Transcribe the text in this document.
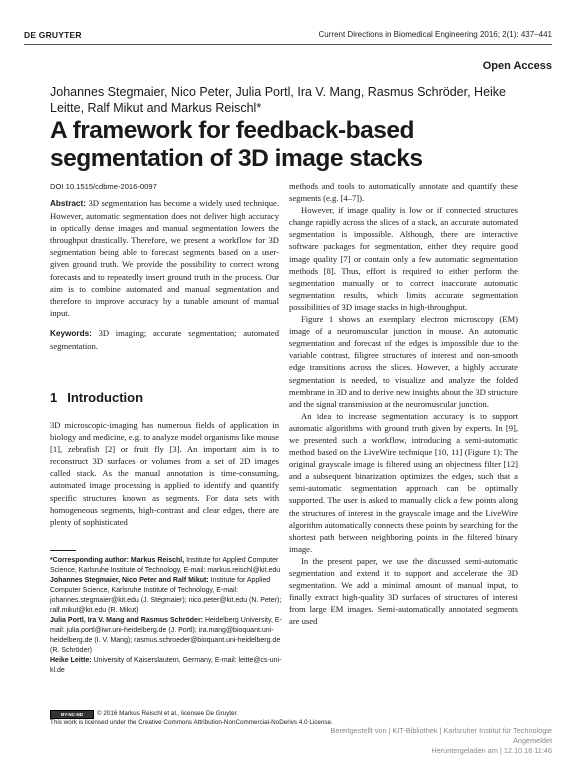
DE GRUYTER	Current Directions in Biomedical Engineering 2016; 2(1): 437–441
Open Access
Johannes Stegmaier, Nico Peter, Julia Portl, Ira V. Mang, Rasmus Schröder, Heike Leitte, Ralf Mikut and Markus Reischl*
A framework for feedback-based segmentation of 3D image stacks
DOI 10.1515/cdbme-2016-0097

Abstract: 3D segmentation has become a widely used technique. However, automatic segmentation does not deliver high accuracy in optically dense images and manual segmentation lowers the throughput drastically. Therefore, we present a workflow for 3D segmentation being able to forecast segments based on a user-given ground truth. We provide the possibility to correct wrong forecasts and to repeatedly insert ground truth in the process. Our aim is to combine automated and manual segmentation and therefore to improve accuracy by a tunable amount of manual input.

Keywords: 3D imaging; accurate segmentation; automated segmentation.

1 Introduction

3D microscopic-imaging has numerous fields of application in biology and medicine, e.g. to analyze model organisms like mouse [1], zebrafish [2] or fruit fly [3]. An important aim is to reconstruct 3D surfaces or volumes from a set of 2D images called stack. As the manual annotation is time-consuming, automated image processing is applied to identify and quantify specific structures known as segments. For data sets with homogeneous segments, high-contrast and clear edges, there are plenty of sophisticated

*Corresponding author: Markus Reischl, Institute for Applied Computer Science, Karlsruhe Institute of Technology, E-mail: markus.reischl@kit.edu

Johannes Stegmaier, Nico Peter and Ralf Mikut: Institute for Applied Computer Science, Karlsruhe Institute of Technology, E-mail: johannes.stegmaier@kit.edu (J. Stegmaier); nico.peter@kit.edu (N. Peter); ralf.mikut@kit.edu (R. Mikut)

Julia Portl, Ira V. Mang and Rasmus Schröder: Heidelberg University, E-mail: julia.portl@iwr.uni-heidelberg.de (J. Portl); ira.mang@bioquant.uni-heidelberg.de (I. V. Mang); rasmus.schroeder@bioquant.uni-heidelberg.de (R. Schröder)

Heike Leitte: University of Kaiserslautern, Germany, E-mail: leitte@cs-uni-kl.de

methods and tools to automatically annotate and quantify these segments (e.g. [4–7]).

However, if image quality is low or if connected structures change rapidly across the slices of a stack, an accurate automated segmentation is impossible. Although, there are interactive software packages for segmentation, either they require good image quality [7] or contain only a few automatic segmentation methods [8]. Thus, effort is required to either perform the segmentation manually or to correct inaccurate automatic segmentation results, which limits accurate segmentation possibilities of 3D image stacks in high-throughput.

Figure 1 shows an exemplary electron microscopy (EM) image of a neuromuscular junction in mouse. An automatic segmentation and forecast of the edges is impossible due to the variable contrast, filigree structures of interest and non-smooth edge transitions across the slices. However, a highly accurate segmentation is needed, to visualize and analyze the folded membrane in 3D and to derive new insights about the 3D structure and the signal transmission at the neuromuscular junction.

An idea to increase segmentation accuracy is to support automatic algorithms with ground truth given by experts. In [9], we presented such a workflow, introducing a semi-automatic method based on the LiveWire technique [10, 11] (Figure 1): The original grayscale image is filtered using an objectness filter [12] and a subsequent binarization optimizes the edges, such that a semi-automatic segmentation approach can be optimally supported. The user is asked to manually click a few points along the structures of interest in the grayscale image and the LiveWire algorithm automatically connects these points by searching for the shortest path between neighboring points in the filtered binary image.

In the present paper, we use the discussed semi-automatic segmentation and extend it to support and accelerate the 3D segmentation. We add a minimal amount of manual input, to finally extract high-quality 3D surfaces of structures of interest from large EM images. Semi-automatically annotated segments are used

BY-NC-ND	© 2016 Markus Reischl et al., licensee De Gruyter.
This work is licensed under the Creative Commons Attribution-NonCommercial-NoDerivs 4.0 License.
Bereitgestellt von | KIT-Bibliothek | Karlsruher Institut für Technologie
Angemeldet
Heruntergeladen am | 12.10.16 11:46
